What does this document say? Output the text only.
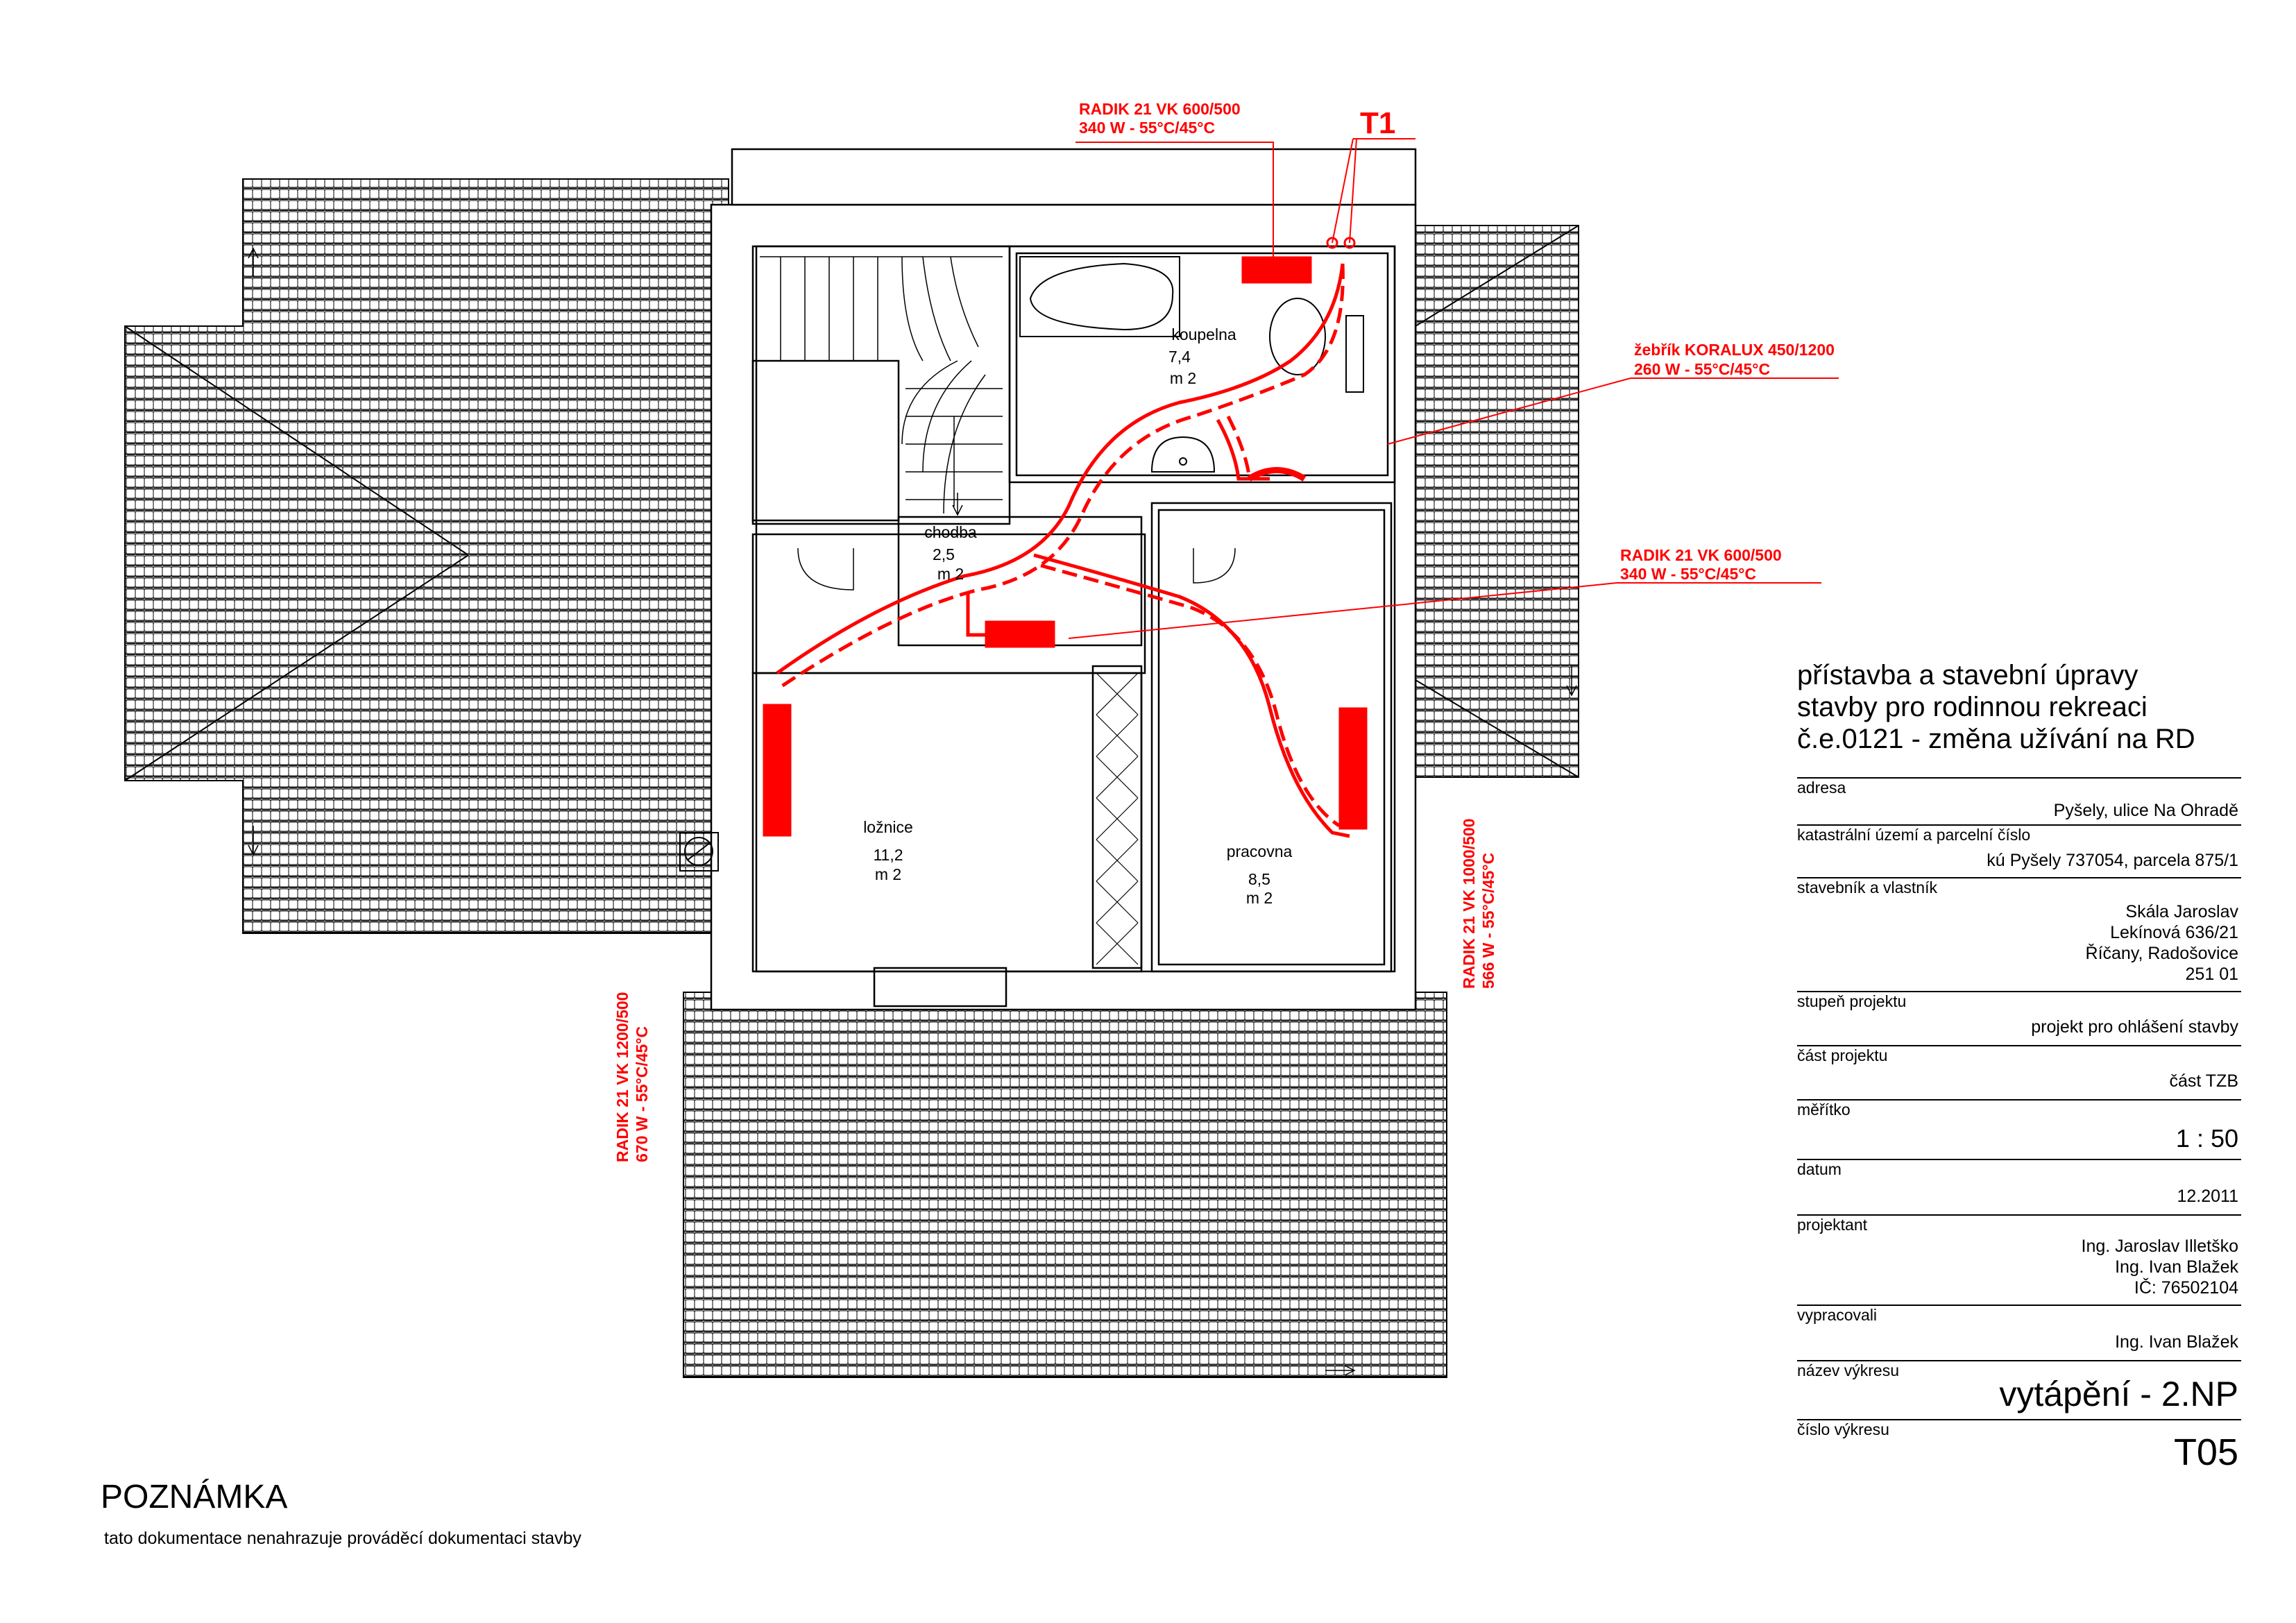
koupelna
7,4
m 2
chodba
2,5
m 2
ložnice
11,2
m 2
pracovna
8,5
m 2
T1
RADIK 21 VK 600/500
340 W - 55°C/45°C
žebřík KORALUX 450/1200
260 W - 55°C/45°C
RADIK 21 VK 600/500
340 W - 55°C/45°C
RADIK 21 VK 1200/500 670 W - 55°C/45°C
RADIK 21 VK 1000/500 566 W - 55°C/45°C
přístavba a stavební úpravy
stavby pro rodinnou rekreaci
č.e.0121 - změna užívání na RD
adresa
Pyšely, ulice Na Ohradě
katastrální území a parcelní číslo
kú Pyšely 737054, parcela 875/1
stavebník a vlastník
Skála Jaroslav
Lekínová 636/21
Říčany, Radošovice
251 01
stupeň projektu
projekt pro ohlášení stavby
část projektu
část TZB
měřítko
1 : 50
datum
12.2011
projektant
Ing. Jaroslav Illetško
Ing. Ivan Blažek
IČ: 76502104
vypracovali
Ing. Ivan Blažek
název výkresu
vytápění - 2.NP
číslo výkresu
T05
POZNÁMKA
tato dokumentace nenahrazuje prováděcí dokumentaci stavby
